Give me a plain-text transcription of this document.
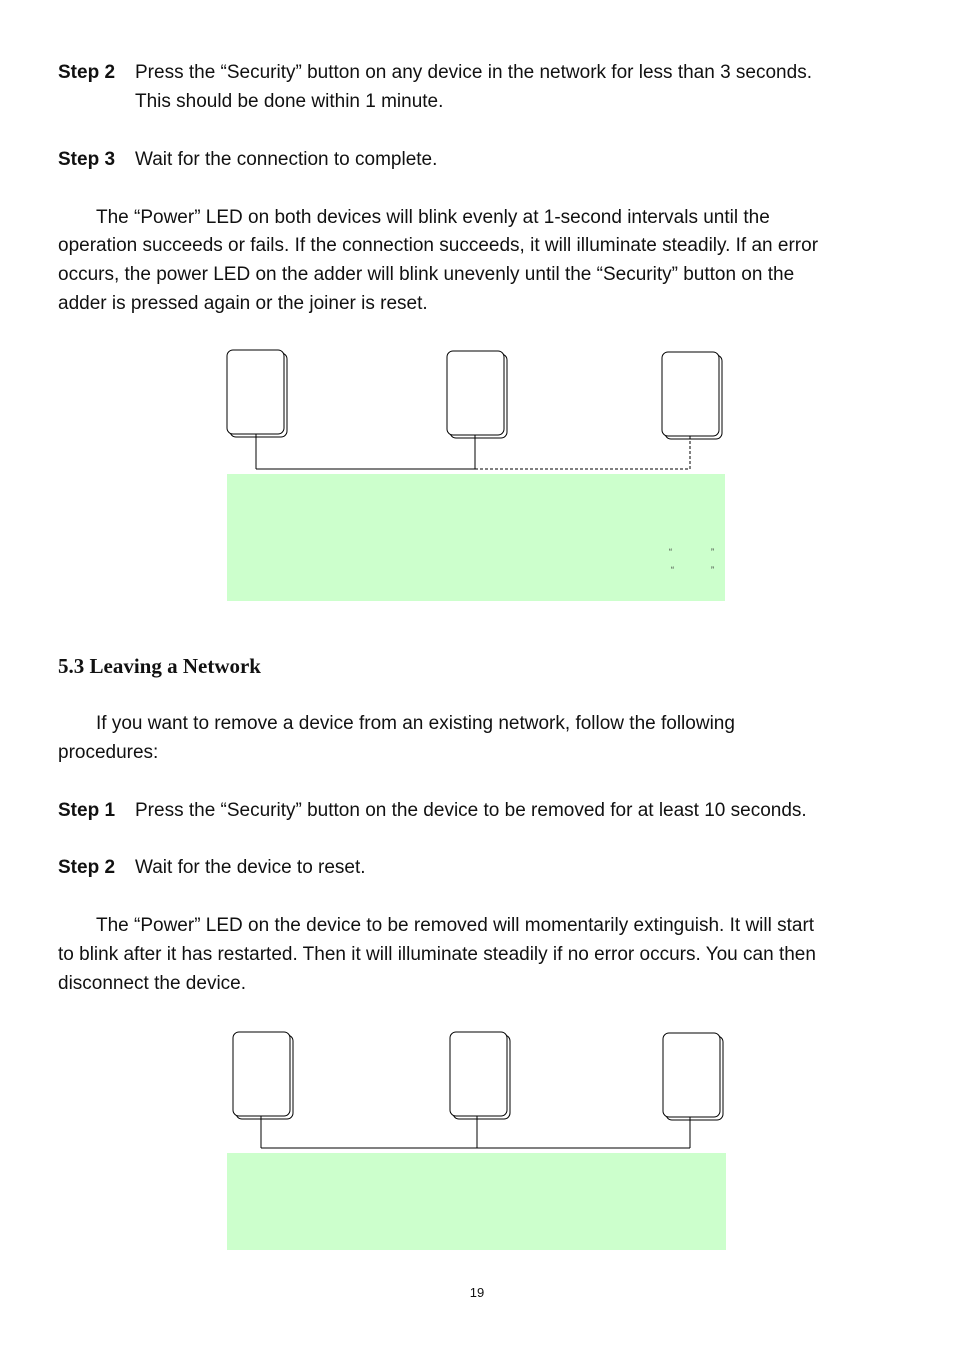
Step 2 Press the “Security” button on any device in the network for less than 3 seconds.
This should be done within 1 minute.
Step 3 Wait for the connection to complete.
The “Power” LED on both devices will blink evenly at 1-second intervals until the
operation succeeds or fails. If the connection succeeds, it will illuminate steadily. If an error
occurs, the power LED on the adder will blink unevenly until the “Security” button on the
adder is pressed again or the joiner is reset.
“	”
“	”
5.3 Leaving a Network
If you want to remove a device from an existing network, follow the following
procedures:
Step 1 Press the “Security” button on the device to be removed for at least 10 seconds.
Step 2 Wait for the device to reset.
The “Power” LED on the device to be removed will momentarily extinguish. It will start
to blink after it has restarted. Then it will illuminate steadily if no error occurs. You can then
disconnect the device.
19
